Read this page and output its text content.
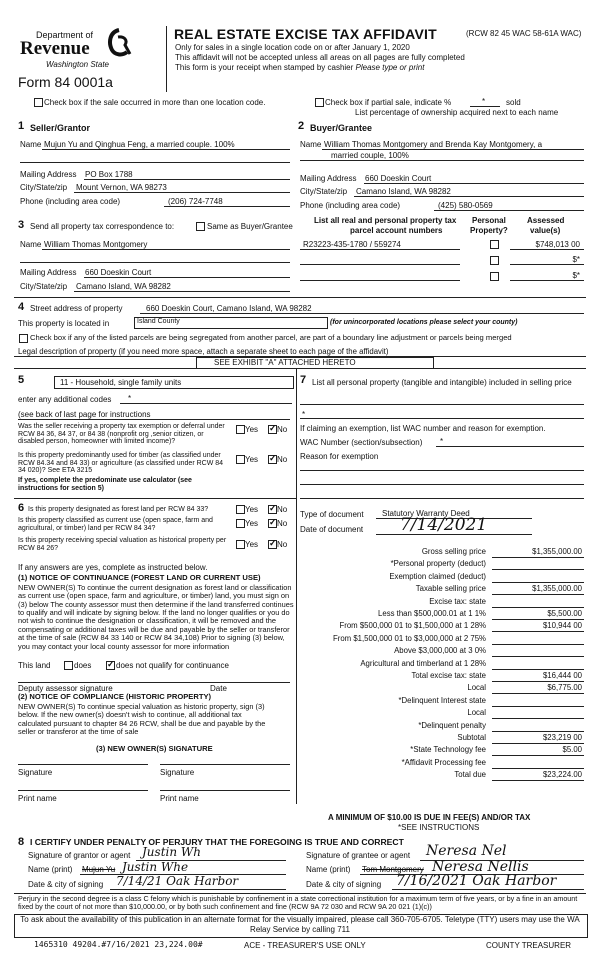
Department of
Revenue
Washington State
Form 84 0001a
REAL ESTATE EXCISE TAX AFFIDAVIT	(RCW 82 45 WAC 58-61A WAC)
Only for sales in a single location code on or after January 1, 2020
This affidavit will not be accepted unless all areas on all pages are fully completed
This form is your receipt when stamped by cashier Please type or print
Check box if the sale occurred in more than one location code.	Check box if partial sale, indicate %	*	sold
List percentage of ownership acquired next to each name
1 Seller/Grantor
Name Mujun Yu and Qinghua Feng, a married couple. 100%
Mailing Address PO Box 1788
City/State/zip Mount Vernon, WA 98273
Phone (including area code)	(206) 724-7748
2 Buyer/Grantee
Name William Thomas Montgomery and Brenda Kay Montgomery, a
married couple, 100%
Mailing Address 660 Doeskin Court
City/State/zip Camano Island, WA 98282
Phone (including area code)	(425) 580-0569
3 Send all property tax correspondence to:	Same as Buyer/Grantee
Name William Thomas Montgomery
Mailing Address 660 Doeskin Court
City/State/zip Camano Island, WA 98282
List all real and personal property tax
parcel account numbers
Personal
Property?
Assessed
value(s)
R23223-435-1780 / 559274	$748,013 00
$*
$*
4 Street address of property	660 Doeskin Court, Camano Island, WA 98282
This property is located in	Island County	(for unincorporated locations please select your county)
Check box if any of the listed parcels are being segregated from another parcel, are part of a boundary line adjustment or parcels being merged
Legal description of property (if you need more space, attach a separate sheet to each page of the affidavit)
SEE EXHIBIT "A" ATTACHED HERETO
5	11 - Household, single family units
enter any additional codes *
(see back of last page for instructions
Was the seller receiving a property tax exemption or deferral under RCW 84 36, 84 37, or 84 38 (nonprofit org ,senior citizen, or disabled person, homeowner with limited income)?
Yes ✓ No
Is this property predominantly used for timber (as classified under RCW 84.34 and 84 33) or agriculture (as classified under RCW 84 34 020)? See ETA 3215
If yes, complete the predominate use calculator (see instructions for section 5)
Yes ✓ No
6 Is this property designated as forest land per RCW 84 33?	Yes ✓ No
Is this property classified as current use (open space, farm and agricultural, or timber) land per RCW 84 34?
Yes ✓ No
Is this property receiving special valuation as historical property per RCW 84 26?	Yes ✓ No
If any answers are yes, complete as instructed below.
(1) NOTICE OF CONTINUANCE (FOREST LAND OR CURRENT USE)
NEW OWNER(S) To continue the current designation as forest land or classification as current use (open space, farm and agriculture, or timber) land, you must sign on (3) below The county assessor must then determine if the land transferred continues to qualify and will indicate by signing below. If the land no longer qualifies or you do not wish to continue the designation or classification, it will be removed and the compensating or additional taxes will be due and payable by the seller or transferor at the time of sale (RCW 84 33 140 or RCW 84 34,108) Prior to signing (3) below, you may contact your local county assessor for more information
This land	does ✓	does not qualify for continuance
Deputy assessor signature	Date
(2) NOTICE OF COMPLIANCE (HISTORIC PROPERTY)
NEW OWNER(S) To continue special valuation as historic property, sign (3) below. If the new owner(s) doesn't wish to continue, all additional tax calculated pursuant to chapter 84 26 RCW, shall be due and payable by the seller or transferor at the time of sale
(3) NEW OWNER(S) SIGNATURE
Signature	Signature
Print name	Print name
7 List all personal property (tangible and intangible) included in selling price
*
If claiming an exemption, list WAC number and reason for exemption.
WAC Number (section/subsection) *
Reason for exemption
Type of document Statutory Warranty Deed
Date of document 7/14/2021
Gross selling price	$1,355,000.00
*Personal property (deduct)
Exemption claimed (deduct)
Taxable selling price	$1,355,000.00
Excise tax: state
Less than $500,000.01 at 1 1%	$5,500.00
From $500,000 01 to $1,500,000 at 1 28%	$10,944 00
From $1,500,000 01 to $3,000,000 at 2 75%
Above $3,000,000 at 3 0%
Agricultural and timberland at 1 28%
Total excise tax: state	$16,444 00
Local	$6,775.00
*Delinquent Interest state
Local
*Delinquent penalty
Subtotal	$23,219 00
*State Technology fee	$5.00
*Affidavit Processing fee
Total due	$23,224.00
A MINIMUM OF $10.00 IS DUE IN FEE(S) AND/OR TAX
*SEE INSTRUCTIONS
8 I CERTIFY UNDER PENALTY OF PERJURY THAT THE FOREGOING IS TRUE AND CORRECT
Signature of grantor or agent Justin Wh
Name (print) Mujun Yu Justin Whe
Date & city of signing 7/14/21 Oak Harbor
Signature of grantee or agent Neresa Nel
Name (print) Tom Montgomery Neresa Nellis
Date & city of signing 7/16/2021 Oak Harbor
Perjury in the second degree is a class C felony which is punishable by confinement in a state correctional institution for a maximum term of five years, or by a fine in an amount fixed by the court of not more than $10,000.00, or by both such confinement and fine (RCW 9A 72 030 and RCW 9A 20 021 (1)(c))
To ask about the availability of this publication in an alternate format for the visually impaired, please call 360-705-6705. Teletype (TTY) users may use the WA Relay Service by calling 711
1465310 49204.#7/16/2021 23,224.00#	ACE - TREASURER'S USE ONLY	COUNTY TREASURER
